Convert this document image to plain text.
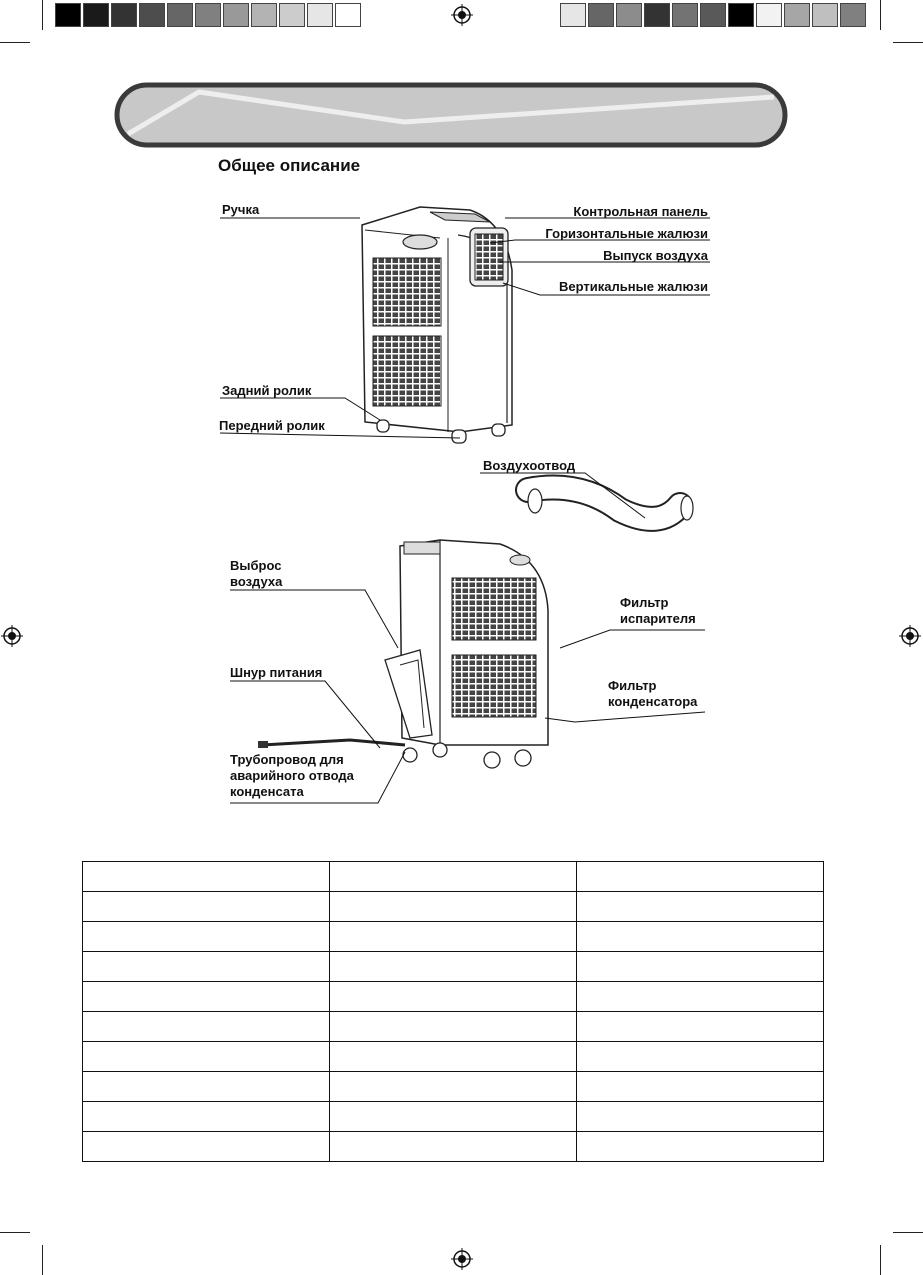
Общее описание
Ручка	Контрольная панель
Горизонтальные жалюзи
Выпуск воздуха
Вертикальные жалюзи
Задний ролик
Передний ролик
Воздухоотвод
Выброс
воздуха
Шнур питания
Трубопровод для
аварийного отвода
конденсата
Фильтр
испарителя
Фильтр
конденсатора
